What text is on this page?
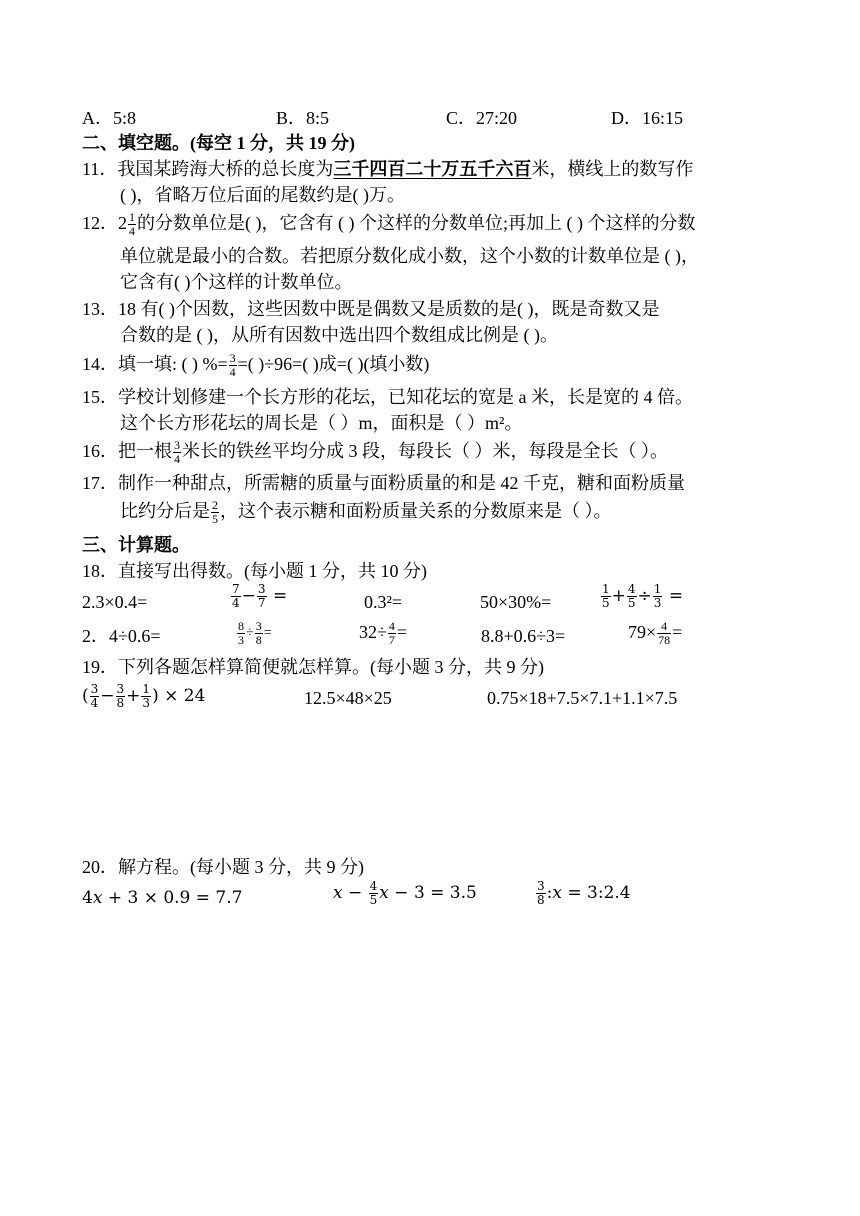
A．5:8	B．8:5	C．27:20	D．16:15
二、填空题。(每空 1 分，共 19 分)
11．我国某跨海大桥的总长度为三千四百二十万五千六百米，横线上的数写作
( )，省略万位后面的尾数约是( )万。
12．$2 \frac{1}{4}$ 的分数单位是( )，它含有 ( ) 个这样的分数单位;再加上 ( ) 个这样的分数
单位就是最小的合数。若把原分数化成小数，这个小数的计数单位是 ( )，
它含有( )个这样的计数单位。
13．18 有( )个因数，这些因数中既是偶数又是质数的是( )，既是奇数又是
合数的是 ( )，从所有因数中选出四个数组成比例是 ( )。
14．填一填: ( ) %= $\frac{3}{4}$ =( )÷96=( )成=( )(填小数)
15．学校计划修建一个长方形的花坛，已知花坛的宽是 a 米，长是宽的 4 倍。
这个长方形花坛的周长是（ ）m，面积是（ ）m²。
16．把一根 $\frac{3}{4}$ 米长的铁丝平均分成 3 段，每段长（ ）米，每段是全长（ ）。
17．制作一种甜点，所需糖的质量与面粉质量的和是 42 千克，糖和面粉质量
比约分后是 $\frac{2}{5}$ ，这个表示糖和面粉质量关系的分数原来是（ ）。
三、计算题。
18．直接写出得数。(每小题 1 分，共 10 分)
2.3×0.4=	$\frac{7}{4} - \frac{3}{7}$ =	0.3²=	50×30%=	$\frac{1}{5} + \frac{4}{5} \div \frac{1}{3}$ =
2．4÷0.6=	$\frac{8}{3} \div \frac{3}{8}$ =	$32\div \frac{4}{7}$ =	8.8+0.6÷3=	$79\times \frac{4}{78}$ =
19．下列各题怎样算简便就怎样算。(每小题 3 分，共 9 分)
( $\frac{3}{4} - \frac{3}{8} + \frac{1}{3}$ ) × 24	12.5×48×25	0.75×18+7.5×7.1+1.1×7.5
20．解方程。(每小题 3 分，共 9 分)
4x + 3 × 0.9 = 7.7	$x - \frac{4}{5}$ x − 3 = 3.5	$\frac{3}{8}$ :x = 3:2.4
